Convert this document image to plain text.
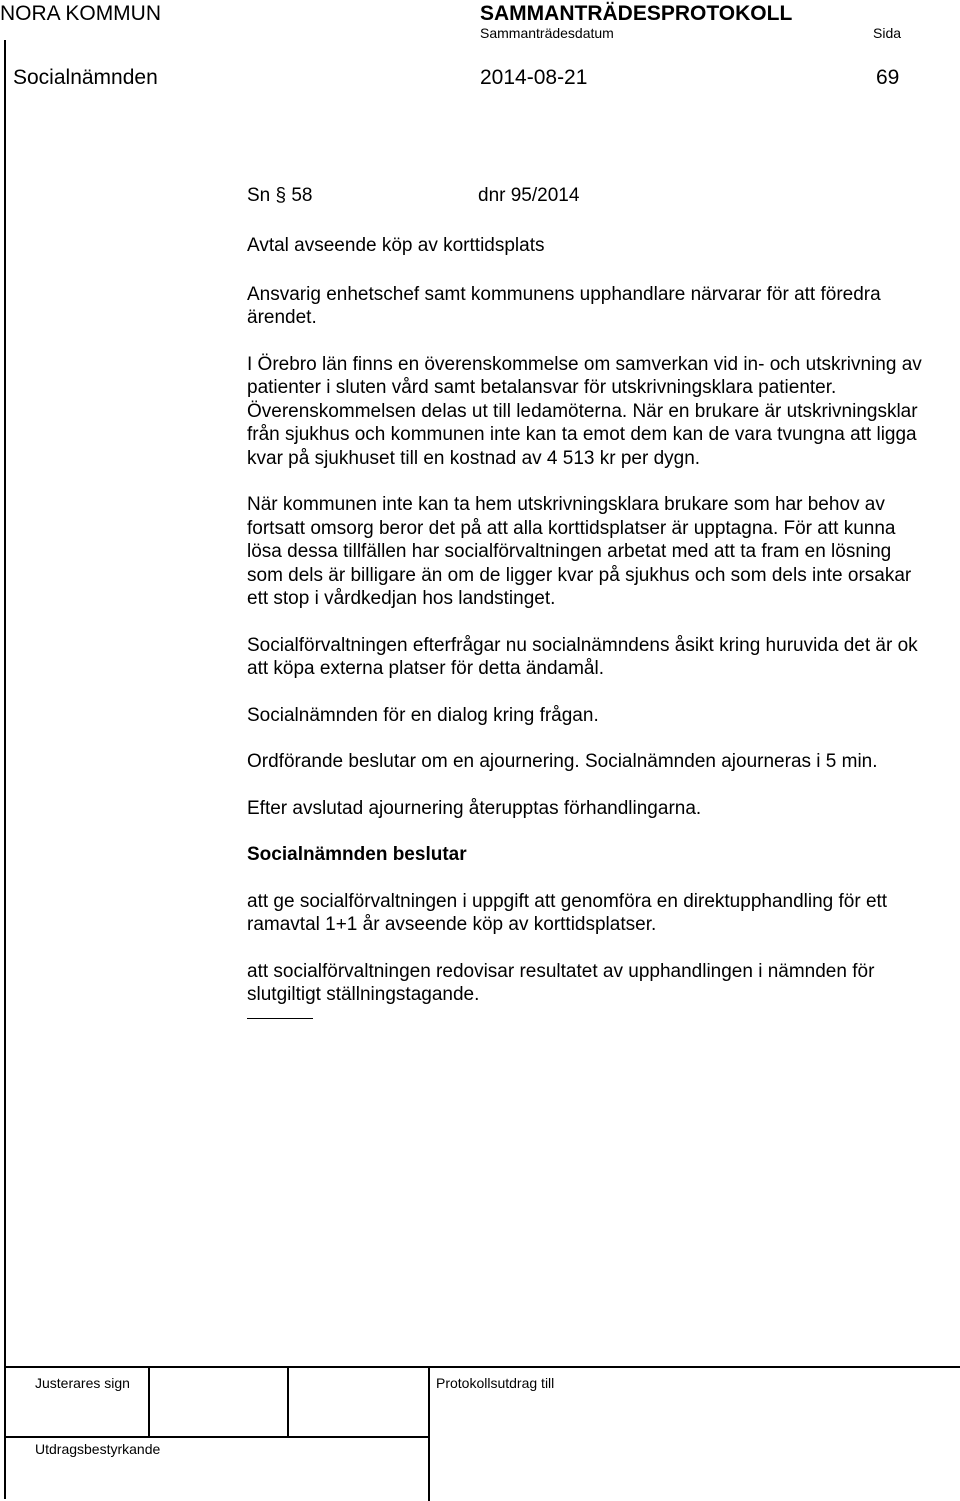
NORA KOMMUN	SAMMANTRÄDESPROTOKOLL
Sammanträdesdatum	Sida
Socialnämnden	2014-08-21	69
Sn § 58	dnr 95/2014

Avtal avseende köp av korttidsplats

Ansvarig enhetschef samt kommunens upphandlare närvarar för att föredra ärendet.

I Örebro län finns en överenskommelse om samverkan vid in- och utskrivning av patienter i sluten vård samt betalansvar för utskrivningsklara patienter. Överenskommelsen delas ut till ledamöterna. När en brukare är utskrivningsklar från sjukhus och kommunen inte kan ta emot dem kan de vara tvungna att ligga kvar på sjukhuset till en kostnad av 4 513 kr per dygn.

När kommunen inte kan ta hem utskrivningsklara brukare som har behov av fortsatt omsorg beror det på att alla korttidsplatser är upptagna. För att kunna lösa dessa tillfällen har socialförvaltningen arbetat med att ta fram en lösning som dels är billigare än om de ligger kvar på sjukhus och som dels inte orsakar ett stop i vårdkedjan hos landstinget.

Socialförvaltningen efterfrågar nu socialnämndens åsikt kring huruvida det är ok att köpa externa platser för detta ändamål.

Socialnämnden för en dialog kring frågan.

Ordförande beslutar om en ajournering. Socialnämnden ajourneras i 5 min.

Efter avslutad ajournering återupptas förhandlingarna.

Socialnämnden beslutar

att ge socialförvaltningen i uppgift att genomföra en direktupphandling för ett ramavtal 1+1 år avseende köp av korttidsplatser.

att socialförvaltningen redovisar resultatet av upphandlingen i nämnden för slutgiltigt ställningstagande.

Justerares sign	Protokollsutdrag till
Utdragsbestyrkande
